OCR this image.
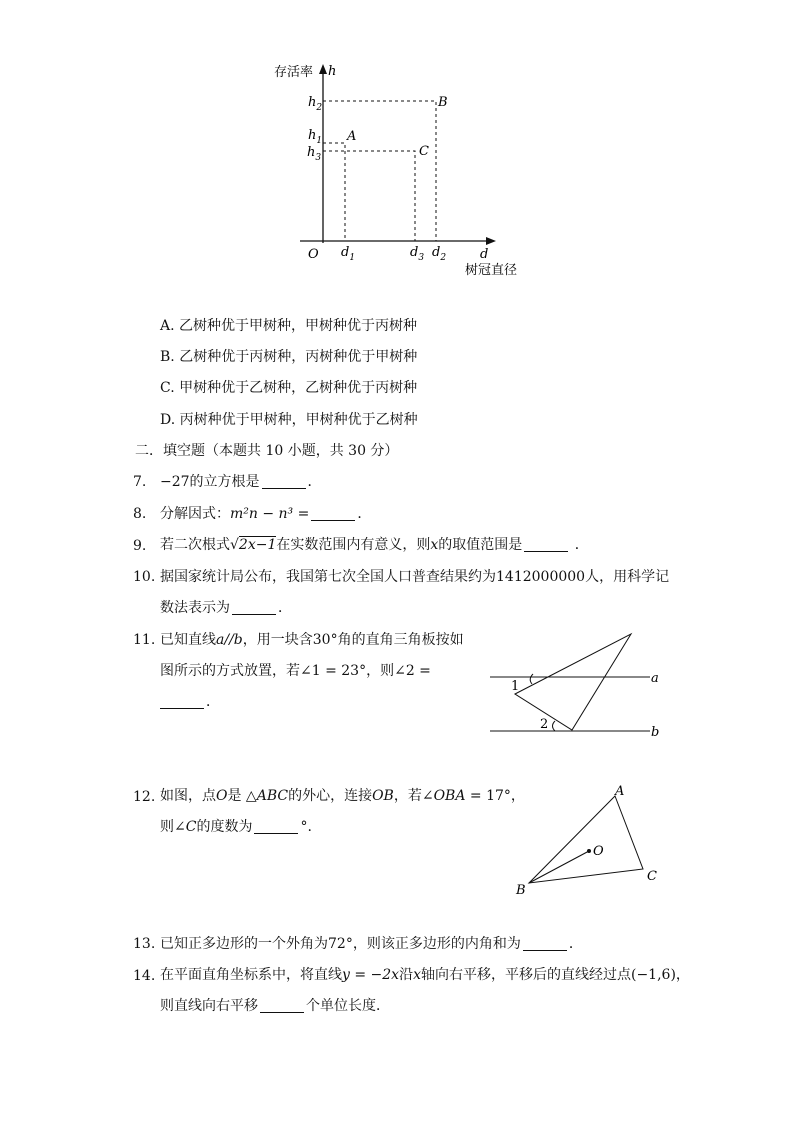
存活率 h
$h_2$
$h_1$
$h_3$
A
B
C
O $d_1$	$d_3$ $d_2$	d
树冠直径
A. 乙树种优于甲树种，甲树种优于丙树种
B. 乙树种优于丙树种，丙树种优于甲树种
C. 甲树种优于乙树种，乙树种优于丙树种
D. 丙树种优于甲树种，甲树种优于乙树种
二．填空题（本题共 10 小题，共 30 分）
7. −27的立方根是	．
8. 分解因式：m²n − n³ =	．
9. 若二次根式√2x−1在实数范围内有意义，则x的取值范围是	．
10. 据国家统计局公布，我国第七次全国人口普查结果约为1412000000人，用科学记
数法表示为	．
11. 已知直线a//b，用一块含30°角的直角三角板按如
图所示的方式放置，若∠1 = 23°，则∠2 =
．
1
2
a
b
12. 如图，点O是 △ABC的外心，连接OB，若∠OBA = 17°，
则∠C的度数为	°.
A
B
C
O
13. 已知正多边形的一个外角为72°，则该正多边形的内角和为	．
14. 在平面直角坐标系中，将直线y = −2x沿x轴向右平移，平移后的直线经过点(−1,6)，
则直线向右平移	个单位长度．
